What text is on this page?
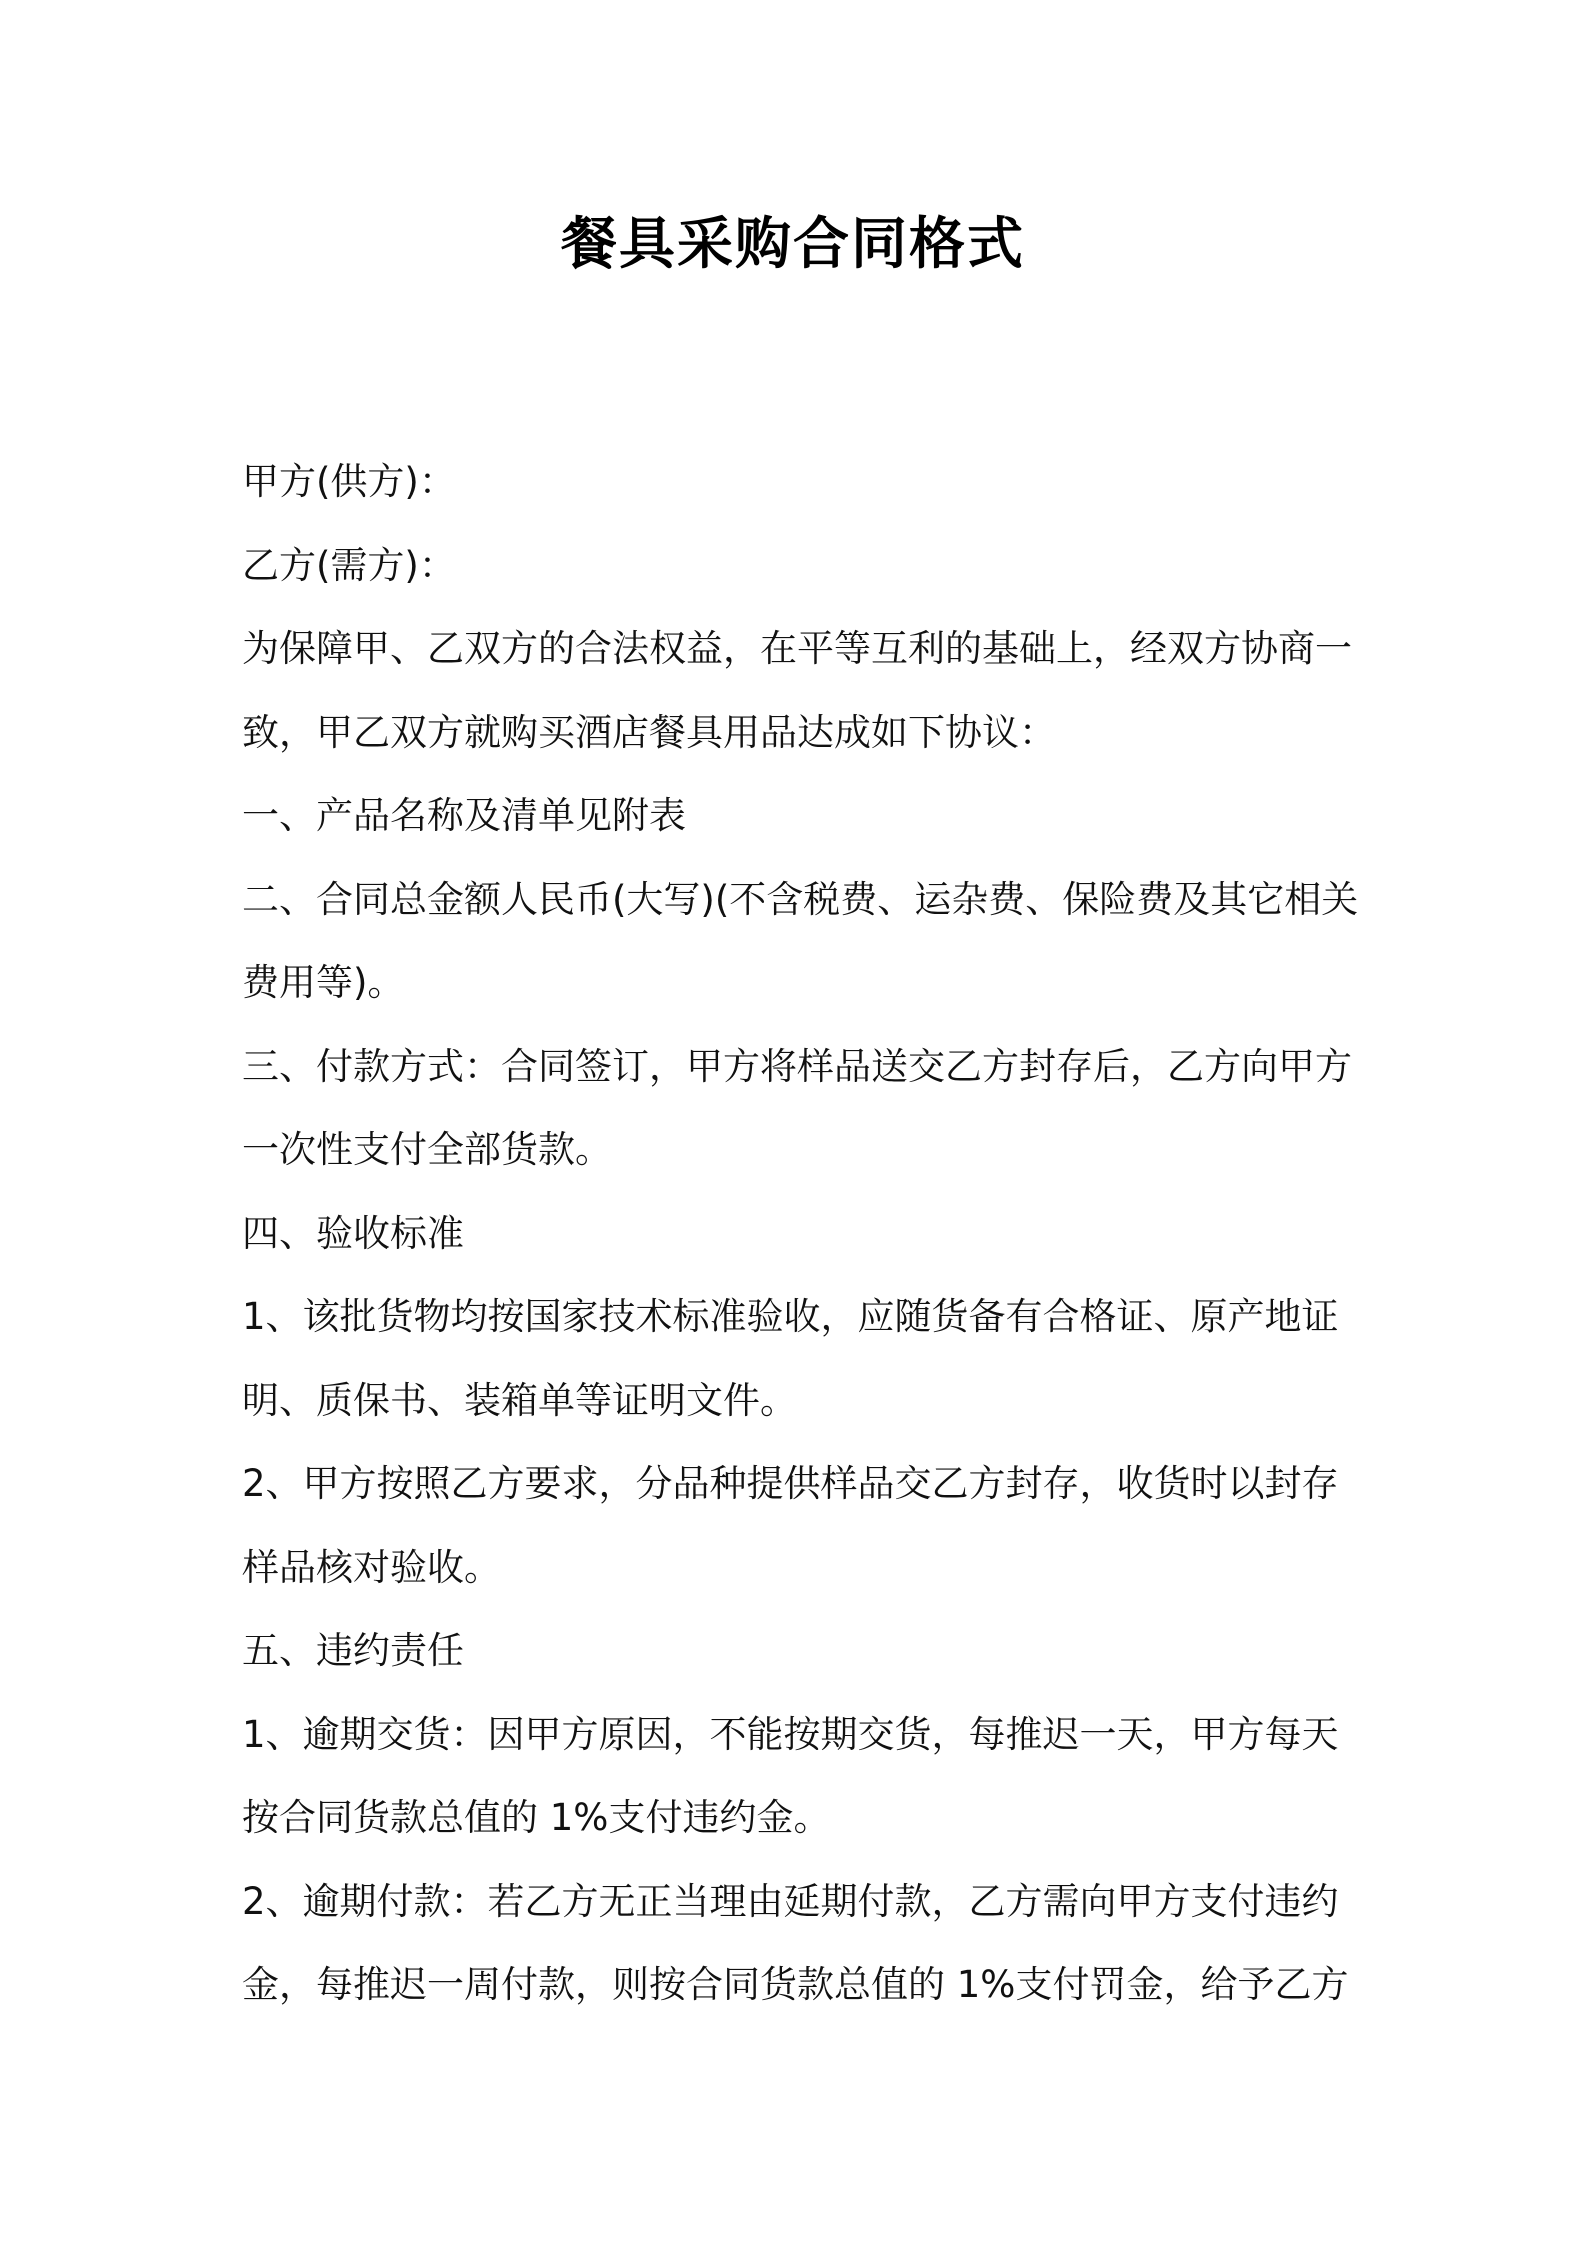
餐具采购合同格式
甲方(供方)：
乙方(需方)：
为保障甲、乙双方的合法权益，在平等互利的基础上，经双方协商一
致，甲乙双方就购买酒店餐具用品达成如下协议：
一、产品名称及清单见附表
二、合同总金额人民币(大写)(不含税费、运杂费、保险费及其它相关
费用等)。
三、付款方式：合同签订，甲方将样品送交乙方封存后，乙方向甲方
一次性支付全部货款。
四、验收标准
1、该批货物均按国家技术标准验收，应随货备有合格证、原产地证
明、质保书、装箱单等证明文件。
2、甲方按照乙方要求，分品种提供样品交乙方封存，收货时以封存
样品核对验收。
五、违约责任
1、逾期交货：因甲方原因，不能按期交货，每推迟一天，甲方每天
按合同货款总值的 1%支付违约金。
2、逾期付款：若乙方无正当理由延期付款，乙方需向甲方支付违约
金，每推迟一周付款，则按合同货款总值的 1%支付罚金，给予乙方
